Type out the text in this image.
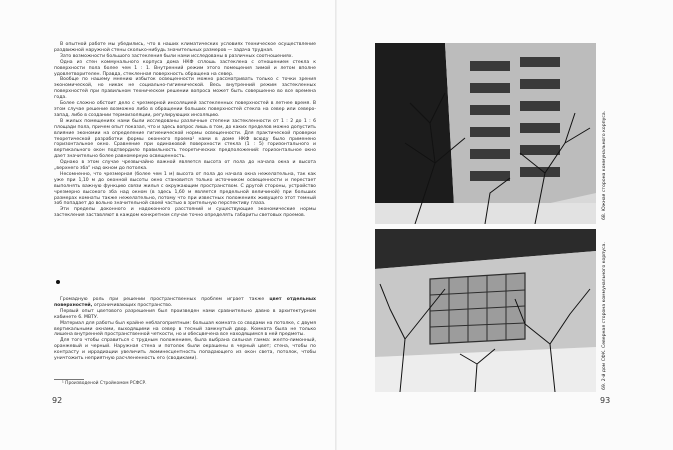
В опытной работе мы убедились, что в наших климатических условиях техническое осуществление раздвижной наружной стены сколько-нибудь значительных размеров — задача трудная.

Зато возможности большого застекления были нами исследованы в различных соотношениях.

Одна из стен коммунального корпуса дома НКФ сплошь застеклена с отношением стекла к поверхности пола более чем 1 : 1. Внутренний режим этого помещения зимой и летом вполне удовлетворителен. Правда, стекленная поверхность обращена на север.

Вообще по нашему мнению избыток освещенности можно рассматривать только с точки зрения экономической, но никак не социально-гигиенической. Весь внутренний режим застекленных поверхностей при правильном техническом решении вопроса может быть совершенно во все времена года.

Более сложно обстоит дело с чрезмерной инсоляцией застекленных поверхностей в летнее время. В этом случае решение возможно либо в обращении больших поверхностей стекла на север или северо-запад, либо в создании термоизоляции, регулирующих инсоляцию.

В жилых помещениях нами были исследованы различные степени застекленности от 1 : 2 до 1 : 6 площади пола, причем опыт показал, что и здесь вопрос лишь в том, до каких пределов можно допустить влияние экономии на определение гигиенической нормы освещенности. Для практической проверки теоретической разработки формы оконного проема¹ нами в доме НКФ всюду было применено горизонтальное окно. Сравнение при одинаковой поверхности стекла (1 : 5) горизонтального и вертикального окон подтвердило правильность теоретических предположений: горизонтальное окно дает значительно более равномерную освещенность.

Однако в этом случае чрезвычайно важной является высота от пола до начала окна и высота „верхнего зба“ над окном до потолка.

Несомненно, что чрезмерная (более чем 1 м) высота от пола до начала окна нежелательна, так как уже при 1,10 м до оконной высоты окно становится только источником освещенности и перестает выполнять важную функцию связи жилья с окружающим пространством. С другой стороны, устройство чрезмерно высокого зба над окном (в здесь 1,60 м является предельной величиной) при больших размерах комнаты также нежелательно, потому что при известных положениях живущего этот темный зоб попадает до вольно значительной своей частью в зрительную перспективу глаза.

Эти пределы доконного и надоконного расстояний и существующие экономические нормы застекления заставляют в каждом конкретном случае точно определять габариты световых проемов.

Громадную роль при решении пространственных проблем играет также цвет отдельных поверхностей, ограничивающих пространство.

Первый опыт цветового разрешения был произведен нами сравнительно давно в архитектурном кабинете 6. МВТУ.

Материал для работы был крайне неблагоприятным: большая комната со сводами на потолке, с двумя вертикальными окнами, выходящими на север в тесный замкнутый двор. Комната была не только лишена внутренней пространственной четкости, но и обесцвечена все находящимся в ней предметы.

Для того чтобы справиться с трудным положением, была выбрана сильная гамма: желто-лимонный, оранжевый и черный. Наружная стена и потолок были окрашены в черный цвет; стена, чтобы по контрасту и иррадиации увеличить люминесцентность попадающего из окон света, потолок, чтобы уничтожить неприятную расчлененность его (сводиками).

¹ Производеной Стройкомом РСФСР.
92
68. Южная сторона коммунального корпуса.
69. 2-й дом СФК. Северная сторона коммунального корпуса.
93
